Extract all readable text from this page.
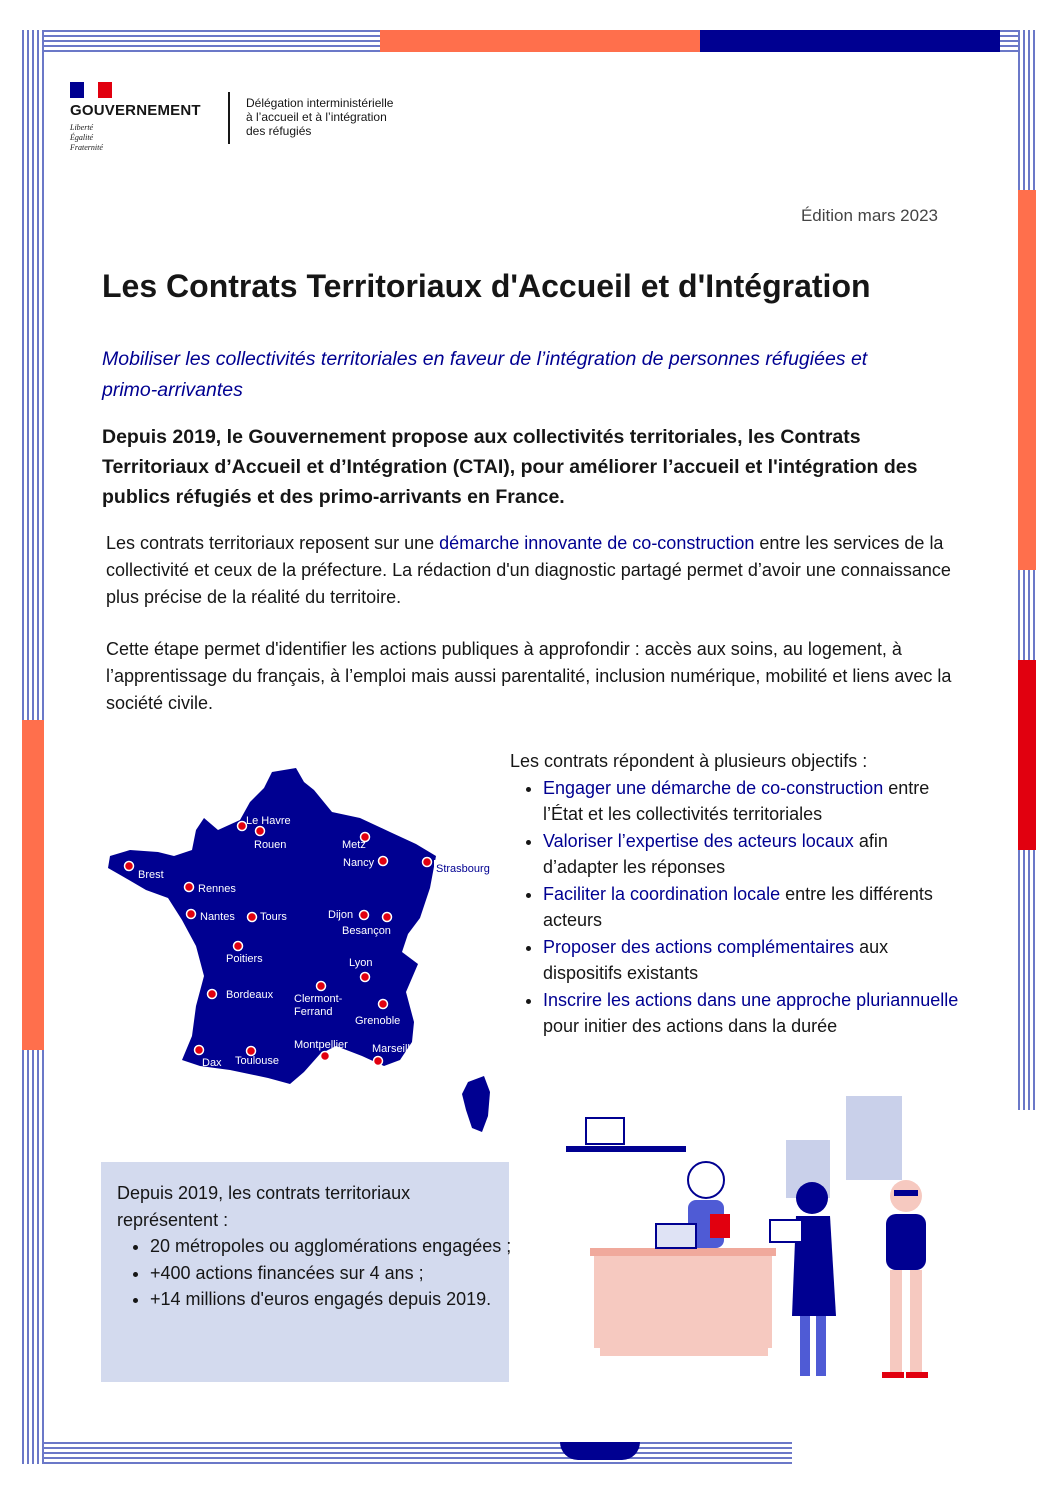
GOUVERNEMENT
Liberté
Égalité
Fraternité
Délégation interministérielle
à l’accueil et à l’intégration
des réfugiés
Édition mars 2023
Les Contrats Territoriaux d'Accueil et d'Intégration

Mobiliser les collectivités territoriales en faveur de l’intégration de personnes réfugiées et primo-arrivantes

Depuis 2019, le Gouvernement propose aux collectivités territoriales, les Contrats Territoriaux d’Accueil et d’Intégration (CTAI), pour améliorer l’accueil et l'intégration des publics réfugiés et des primo-arrivants en France.

Les contrats territoriaux reposent sur une démarche innovante de co-construction entre les services de la collectivité et ceux de la préfecture. La rédaction d'un diagnostic partagé permet d’avoir une connaissance plus précise de la réalité du territoire.

Cette étape permet d'identifier les actions publiques à approfondir : accès aux soins, au logement, à l’apprentissage du français, à l’emploi mais aussi parentalité, inclusion numérique, mobilité et liens avec la société civile.

Le Havre
Rouen	Metz
Nancy	Strasbourg
Brest
Rennes
Nantes Tours	Dijon
Besançon
Poitiers	Lyon
Bordeaux Clermont-Ferrand
Grenoble
Montpellier Marseille
Dax Toulouse
Les contrats répondent à plusieurs objectifs :
• Engager une démarche de co-construction entre l’État et les collectivités territoriales
• Valoriser l’expertise des acteurs locaux afin d’adapter les réponses
• Faciliter la coordination locale entre les différents acteurs
• Proposer des actions complémentaires aux dispositifs existants
• Inscrire les actions dans une approche pluriannuelle pour initier des actions dans la durée
Depuis 2019, les contrats territoriaux représentent :
• 20 métropoles ou agglomérations engagées ;
• +400 actions financées sur 4 ans ;
• +14 millions d'euros engagés depuis 2019.
